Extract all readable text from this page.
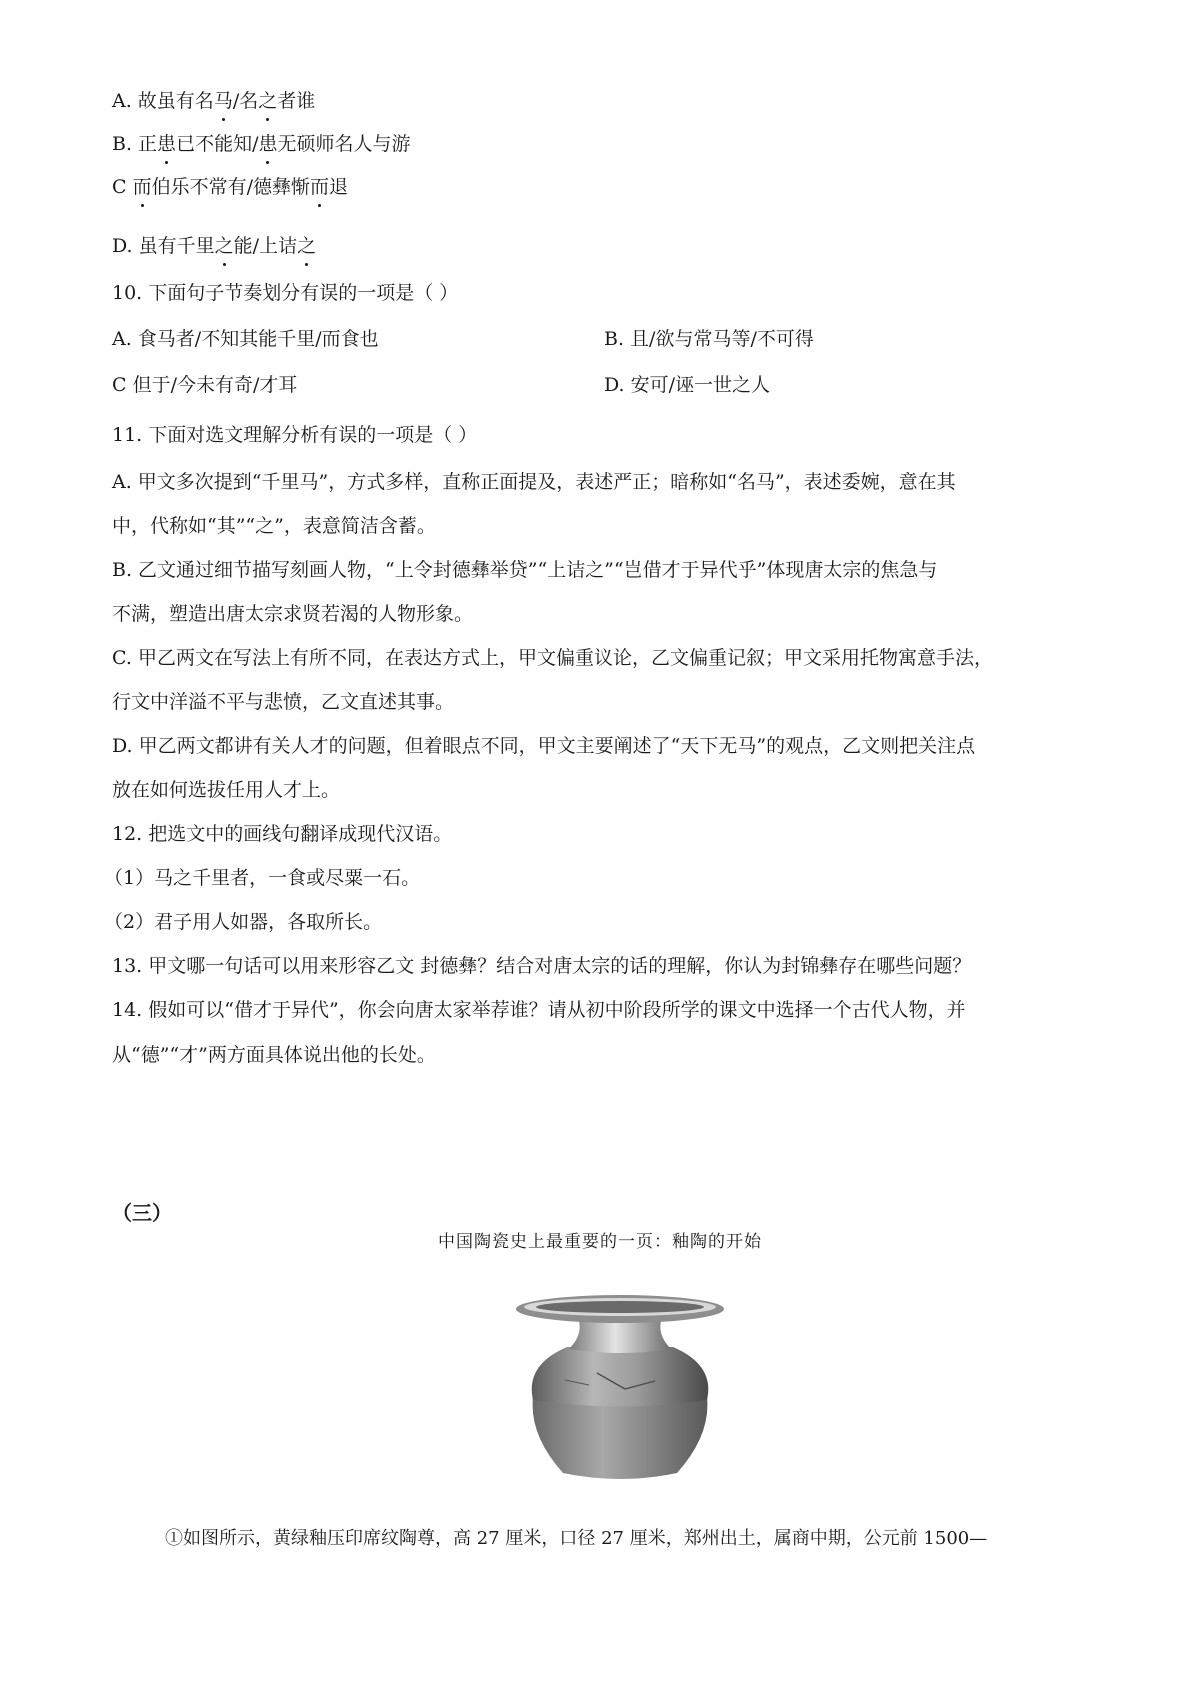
A. 故虽有名马/名之者谁
B. 正患已不能知/患无硕师名人与游
C 而伯乐不常有/德彝惭而退
D. 虽有千里之能/上诘之
10. 下面句子节奏划分有误的一项是（ ）
A. 食马者/不知其能千里/而食也	B. 且/欲与常马等/不可得
C 但于/今未有奇/才耳	D. 安可/诬一世之人
11. 下面对选文理解分析有误的一项是（ ）
A. 甲文多次提到“千里马”，方式多样，直称正面提及，表述严正；暗称如“名马”，表述委婉，意在其
中，代称如“其”“之”，表意简洁含蓄。
B. 乙文通过细节描写刻画人物，“上令封德彝举贷”“上诘之”“岂借才于异代乎”体现唐太宗的焦急与
不满，塑造出唐太宗求贤若渴的人物形象。
C. 甲乙两文在写法上有所不同，在表达方式上，甲文偏重议论，乙文偏重记叙；甲文采用托物寓意手法，
行文中洋溢不平与悲愤，乙文直述其事。
D. 甲乙两文都讲有关人才的问题，但着眼点不同，甲文主要阐述了“天下无马”的观点，乙文则把关注点
放在如何选拔任用人才上。
12. 把选文中的画线句翻译成现代汉语。
（1）马之千里者，一食或尽粟一石。
（2）君子用人如器，各取所长。
13. 甲文哪一句话可以用来形容乙文 封德彝？结合对唐太宗的话的理解，你认为封锦彝存在哪些问题？
14. 假如可以“借才于异代”，你会向唐太家举荐谁？请从初中阶段所学的课文中选择一个古代人物，并
从“德”“才”两方面具体说出他的长处。
（三）
中国陶瓷史上最重要的一页：釉陶的开始
①如图所示，黄绿釉压印席纹陶尊，高 27 厘米，口径 27 厘米，郑州出土，属商中期，公元前 1500—
